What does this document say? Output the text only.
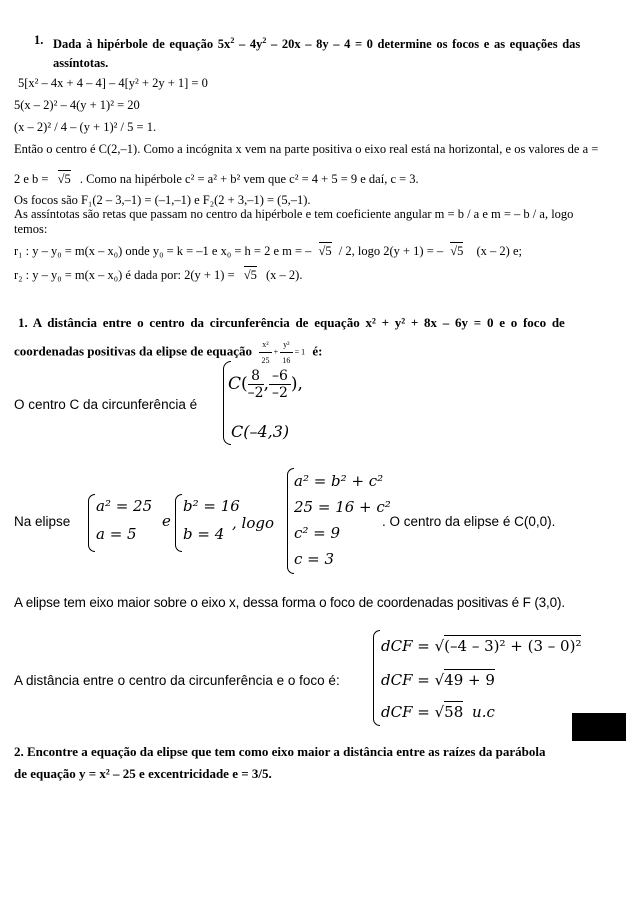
1. Dada à hipérbole de equação $5x^2 - 4y^2 - 20x - 8y - 4 = 0$ determine os focos e as equações das
assíntotas.
5[x² – 4x + 4 – 4] – 4[y² + 2y + 1] = 0
5(x – 2)² – 4(y + 1)² = 20
(x – 2)² / 4 – (y + 1)² / 5 = 1.
Então o centro é C(2,–1). Como a incógnita x vem na parte positiva o eixo real está na horizontal, e os valores de a =
2 e b = √5 . Como na hipérbole c² = a² + b² vem que c² = 4 + 5 = 9 e daí, c = 3.
Os focos são F₁(2 – 3,–1) = (–1,–1) e F₂(2 + 3,–1) = (5,–1).
As assíntotas são retas que passam no centro da hipérbole e tem coeficiente angular m = b / a e m = – b / a, logo
temos:
r₁ : y – y₀ = m(x – x₀) onde y₀ = k = –1 e x₀ = h = 2 e m = – √5 / 2, logo 2(y + 1) = – √5 (x – 2) e;
r₂ : y – y₀ = m(x – x₀) é dada por: 2(y + 1) = √5 (x – 2).
1. A distância entre o centro da circunferência de equação x² + y² + 8x – 6y = 0 e o foco de
coordenadas positivas da elipse de equação $\frac{\text{x²}}{25} + \frac{\text{y²}}{16} = 1$ é:
O centro C da circunferência é
$C( \frac{8}{-2}$ , $\frac{-6}{-2}$ ),
C(–4,3)
Na elipse
a² = 25
a = 5
e
b² = 16
b = 4
, logo
a² = b² + c²
25 = 16 + c²
c² = 9
c = 3
. O centro da elipse é C(0,0).
A elipse tem eixo maior sobre o eixo x, dessa forma o foco de coordenadas positivas é F (3,0).
A distância entre o centro da circunferência e o foco é:
dCF = √(–4 – 3)² + (3 – 0)²
dCF = √49 + 9
dCF = √58 u.c
2. Encontre a equação da elipse que tem como eixo maior a distância entre as raízes da parábola
de equação y = x² – 25 e excentricidade e = 3/5.
